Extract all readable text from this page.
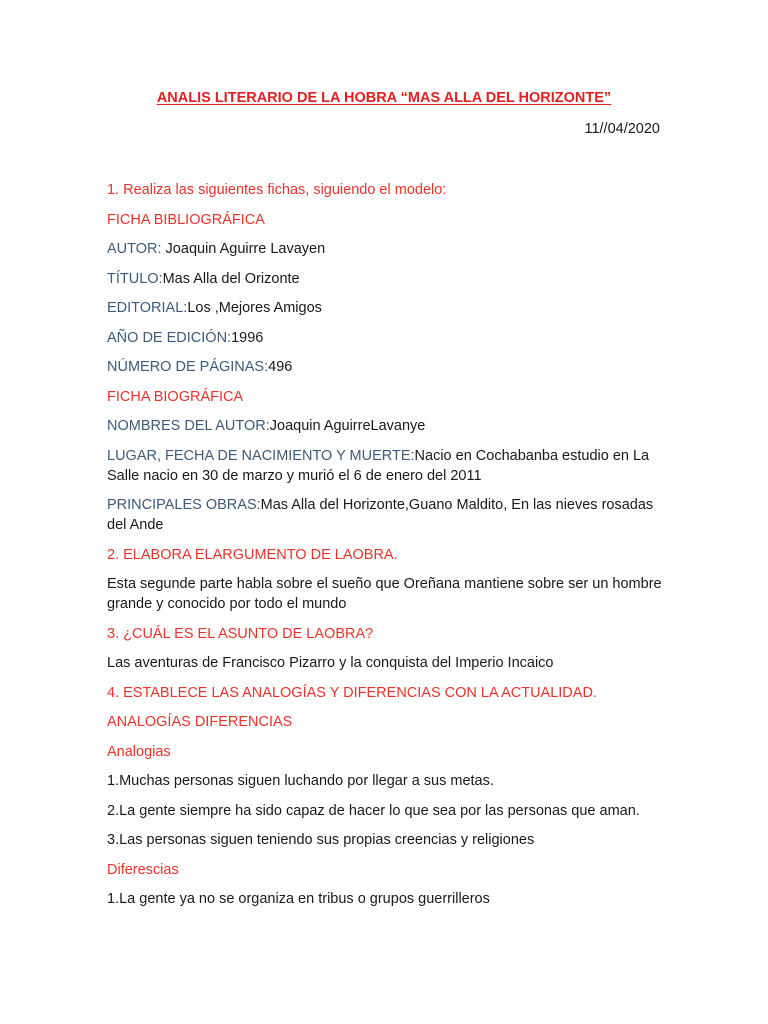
ANALIS LITERARIO DE LA HOBRA “MAS ALLA DEL HORIZONTE”
11//04/2020

1. Realiza las siguientes fichas, siguiendo el modelo:

FICHA BIBLIOGRÁFICA

AUTOR: Joaquin Aguirre Lavayen

TÍTULO:Mas Alla del Orizonte

EDITORIAL:Los ,Mejores Amigos

AÑO DE EDICIÓN:1996

NÚMERO DE PÁGINAS:496

FICHA BIOGRÁFICA

NOMBRES DEL AUTOR:Joaquin AguirreLavanye

LUGAR, FECHA DE NACIMIENTO Y MUERTE:Nacio en Cochabanba estudio en La Salle nacio en 30 de marzo y murió el 6 de enero del 2011

PRINCIPALES OBRAS:Mas Alla del Horizonte,Guano Maldito, En las nieves rosadas del Ande

2. ELABORA ELARGUMENTO DE LAOBRA.

Esta segunde parte habla sobre el sueño que Oreñana mantiene sobre ser un hombre grande y conocido por todo el mundo

3. ¿CUÁL ES EL ASUNTO DE LAOBRA?

Las aventuras de Francisco Pizarro y la conquista del Imperio Incaico

4. ESTABLECE LAS ANALOGÍAS Y DIFERENCIAS CON LA ACTUALIDAD.

ANALOGÍAS DIFERENCIAS

Analogias

1.Muchas personas siguen luchando por llegar a sus metas.

2.La gente siempre ha sido capaz de hacer lo que sea por las personas que aman.

3.Las personas siguen teniendo sus propias creencias y religiones

Diferescias

1.La gente ya no se organiza en tribus o grupos guerrilleros
